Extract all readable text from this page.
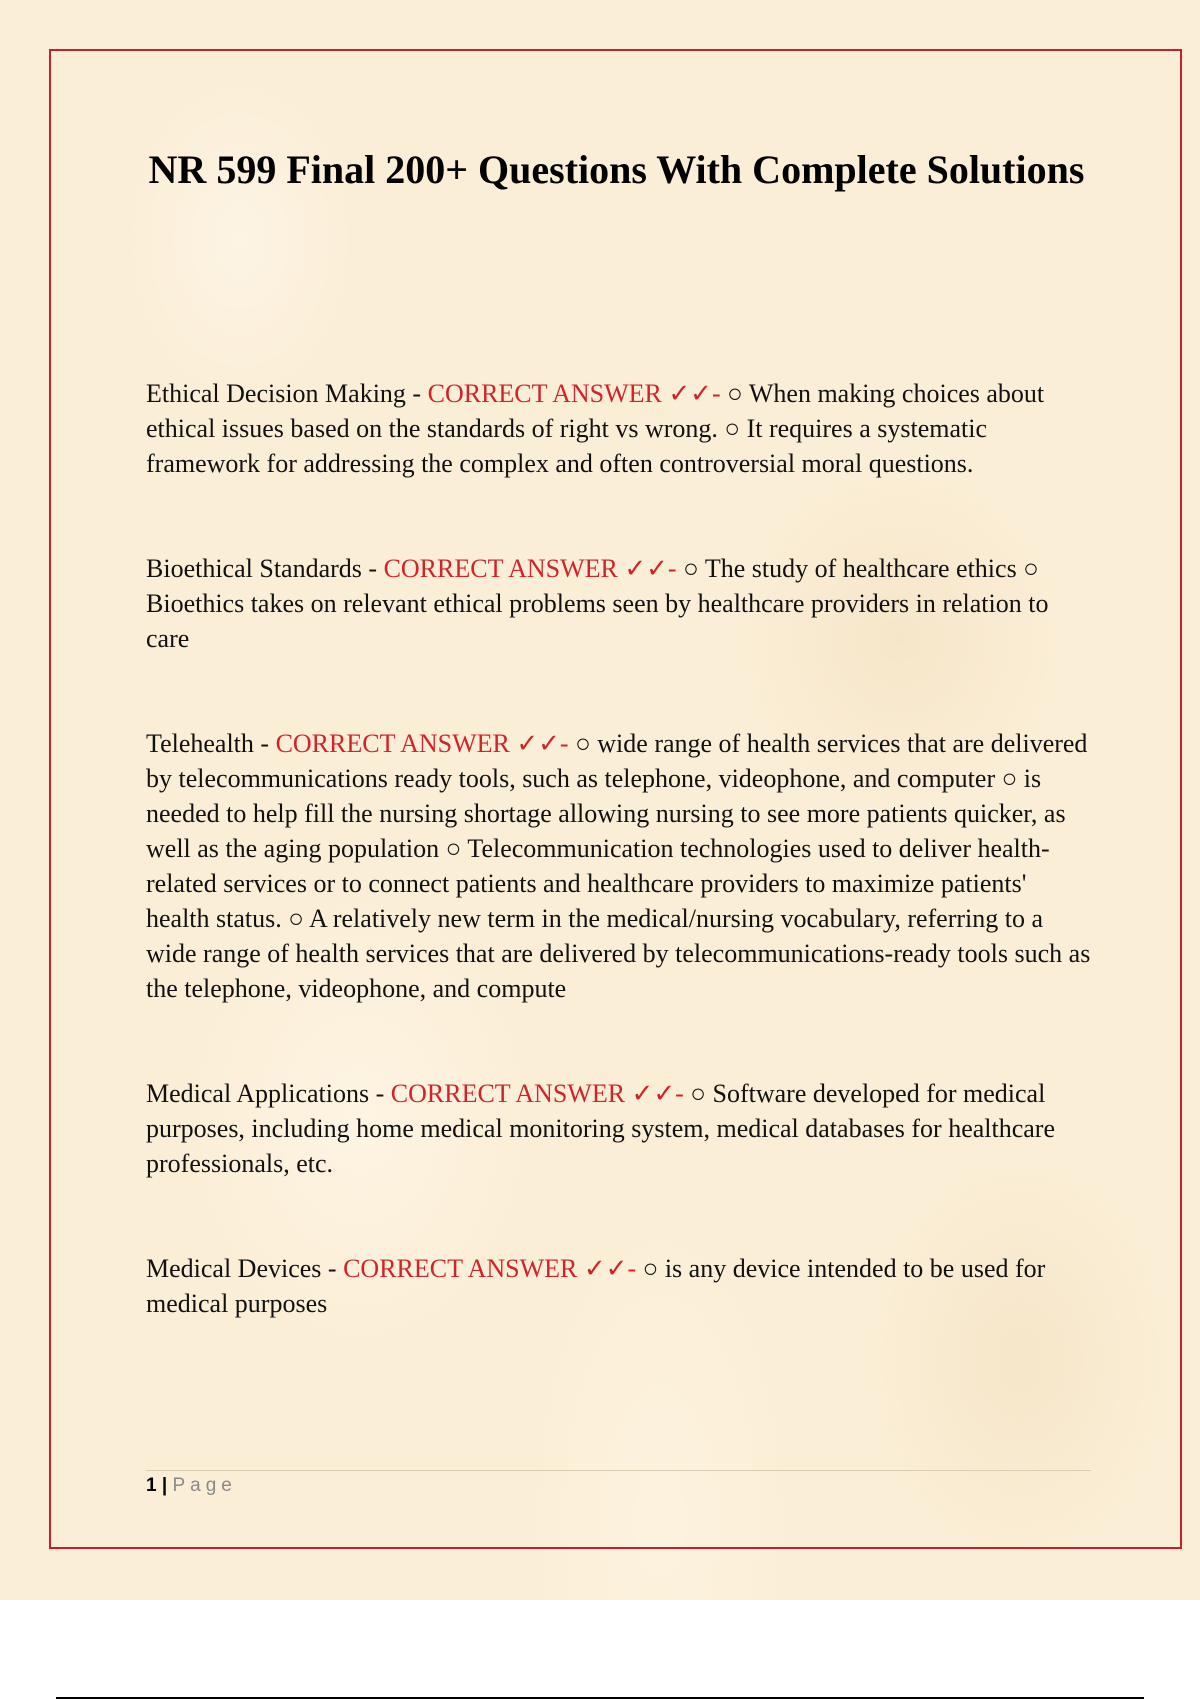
NR 599 Final 200+ Questions With Complete Solutions

Ethical Decision Making - CORRECT ANSWER ✓✓- ○ When making choices about ethical issues based on the standards of right vs wrong. ○ It requires a systematic framework for addressing the complex and often controversial moral questions.

Bioethical Standards - CORRECT ANSWER ✓✓- ○ The study of healthcare ethics ○ Bioethics takes on relevant ethical problems seen by healthcare providers in relation to care

Telehealth - CORRECT ANSWER ✓✓- ○ wide range of health services that are delivered by telecommunications ready tools, such as telephone, videophone, and computer ○ is needed to help fill the nursing shortage allowing nursing to see more patients quicker, as well as the aging population ○ Telecommunication technologies used to deliver health-related services or to connect patients and healthcare providers to maximize patients' health status. ○ A relatively new term in the medical/nursing vocabulary, referring to a wide range of health services that are delivered by telecommunications-ready tools such as the telephone, videophone, and compute

Medical Applications - CORRECT ANSWER ✓✓- ○ Software developed for medical purposes, including home medical monitoring system, medical databases for healthcare professionals, etc.

Medical Devices - CORRECT ANSWER ✓✓- ○ is any device intended to be used for medical purposes

1 | Page
